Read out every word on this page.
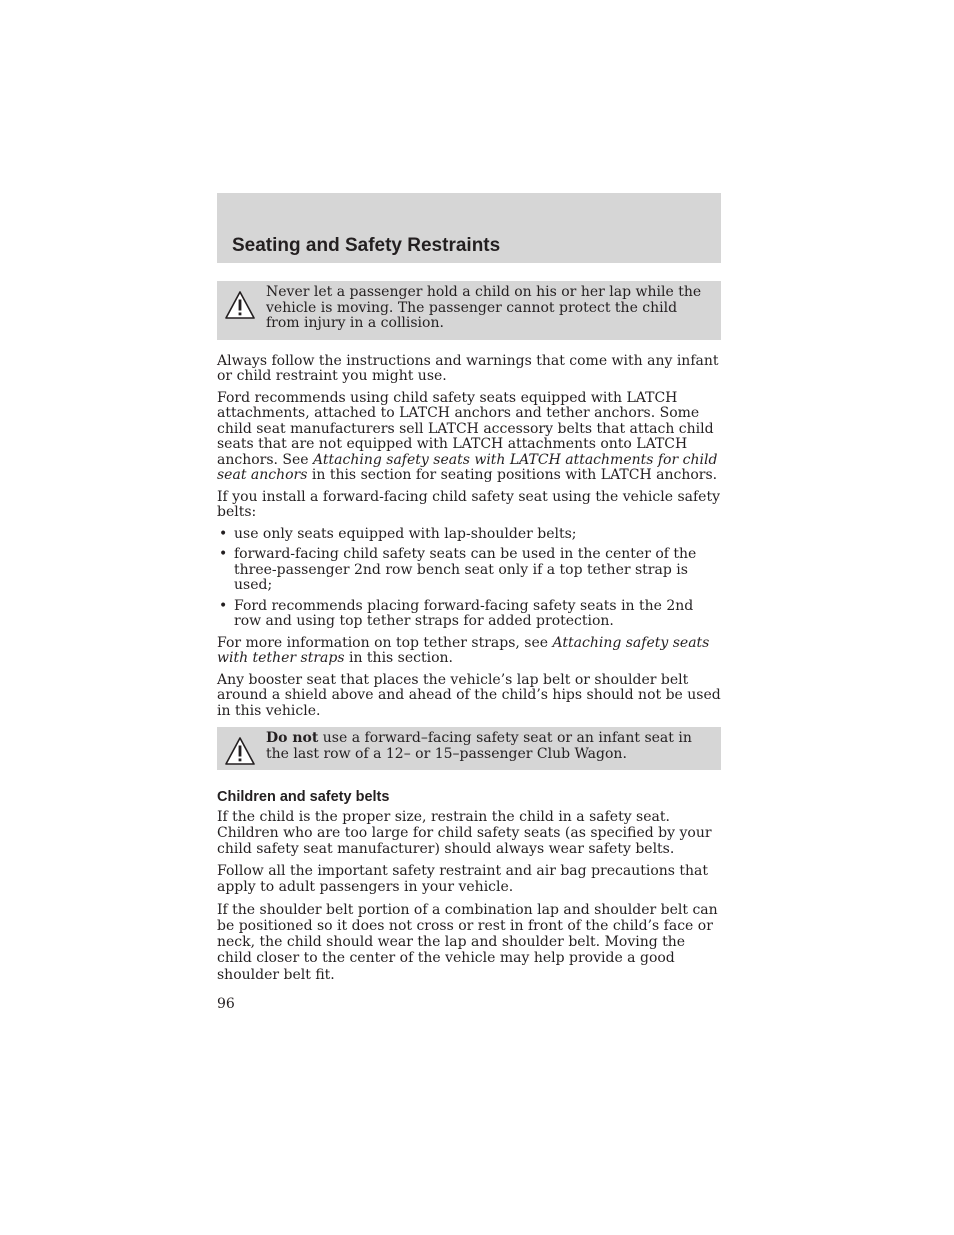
Seating and Safety Restraints

Never let a passenger hold a child on his or her lap while the vehicle is moving. The passenger cannot protect the child from injury in a collision.

Always follow the instructions and warnings that come with any infant or child restraint you might use.

Ford recommends using child safety seats equipped with LATCH attachments, attached to LATCH anchors and tether anchors. Some child seat manufacturers sell LATCH accessory belts that attach child seats that are not equipped with LATCH attachments onto LATCH anchors. See Attaching safety seats with LATCH attachments for child seat anchors in this section for seating positions with LATCH anchors.

If you install a forward-facing child safety seat using the vehicle safety belts:

• use only seats equipped with lap-shoulder belts;
• forward-facing child safety seats can be used in the center of the three-passenger 2nd row bench seat only if a top tether strap is used;
• Ford recommends placing forward-facing safety seats in the 2nd row and using top tether straps for added protection.

For more information on top tether straps, see Attaching safety seats with tether straps in this section.

Any booster seat that places the vehicle’s lap belt or shoulder belt around a shield above and ahead of the child’s hips should not be used in this vehicle.

Do not use a forward–facing safety seat or an infant seat in the last row of a 12– or 15–passenger Club Wagon.

Children and safety belts

If the child is the proper size, restrain the child in a safety seat. Children who are too large for child safety seats (as specified by your child safety seat manufacturer) should always wear safety belts.

Follow all the important safety restraint and air bag precautions that apply to adult passengers in your vehicle.

If the shoulder belt portion of a combination lap and shoulder belt can be positioned so it does not cross or rest in front of the child’s face or neck, the child should wear the lap and shoulder belt. Moving the child closer to the center of the vehicle may help provide a good shoulder belt fit.

96
